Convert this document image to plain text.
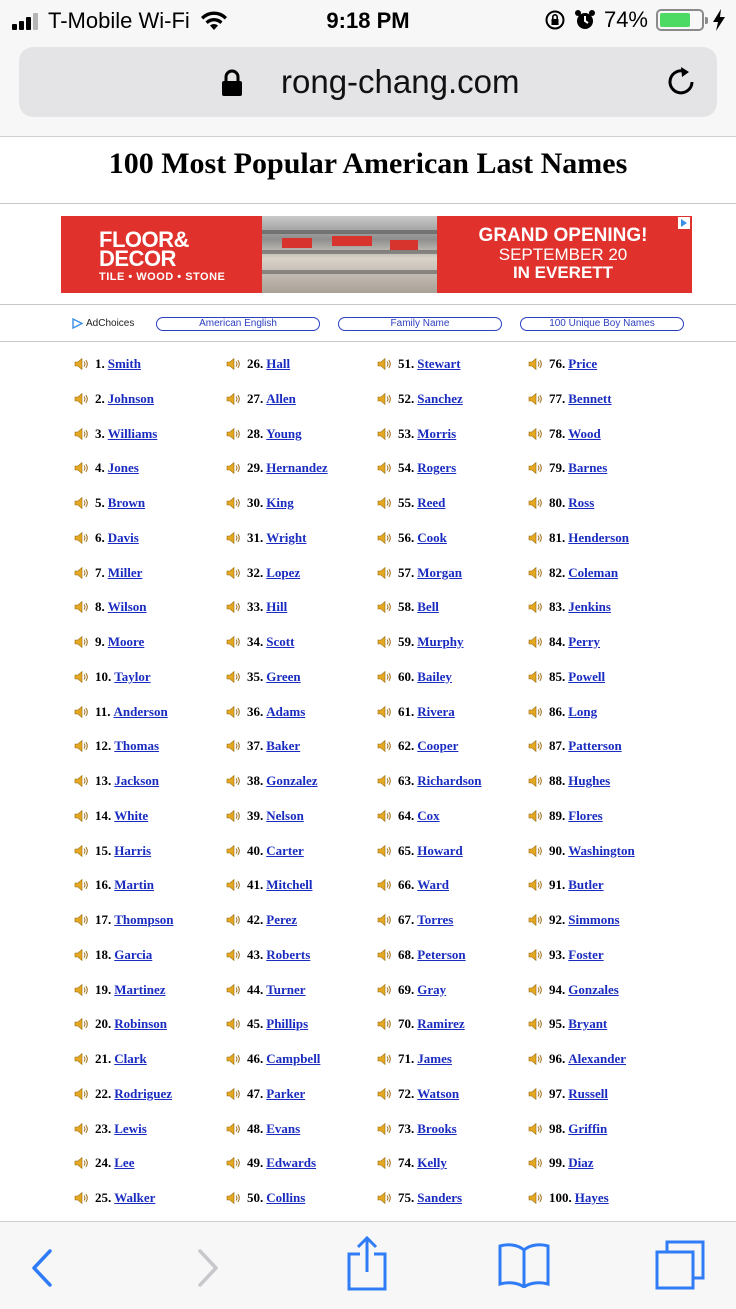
T-Mobile Wi-Fi	9:18 PM	74%
rong-chang.com
100 Most Popular American Last Names
FLOOR&
DECOR
TILE • WOOD • STONE
GRAND OPENING!
SEPTEMBER 20
IN EVERETT
AdChoices	American English	Family Name	100 Unique Boy Names
1. Smith
2. Johnson
3. Williams
4. Jones
5. Brown
6. Davis
7. Miller
8. Wilson
9. Moore
10. Taylor
11. Anderson
12. Thomas
13. Jackson
14. White
15. Harris
16. Martin
17. Thompson
18. Garcia
19. Martinez
20. Robinson
21. Clark
22. Rodriguez
23. Lewis
24. Lee
25. Walker
26. Hall
27. Allen
28. Young
29. Hernandez
30. King
31. Wright
32. Lopez
33. Hill
34. Scott
35. Green
36. Adams
37. Baker
38. Gonzalez
39. Nelson
40. Carter
41. Mitchell
42. Perez
43. Roberts
44. Turner
45. Phillips
46. Campbell
47. Parker
48. Evans
49. Edwards
50. Collins
51. Stewart
52. Sanchez
53. Morris
54. Rogers
55. Reed
56. Cook
57. Morgan
58. Bell
59. Murphy
60. Bailey
61. Rivera
62. Cooper
63. Richardson
64. Cox
65. Howard
66. Ward
67. Torres
68. Peterson
69. Gray
70. Ramirez
71. James
72. Watson
73. Brooks
74. Kelly
75. Sanders
76. Price
77. Bennett
78. Wood
79. Barnes
80. Ross
81. Henderson
82. Coleman
83. Jenkins
84. Perry
85. Powell
86. Long
87. Patterson
88. Hughes
89. Flores
90. Washington
91. Butler
92. Simmons
93. Foster
94. Gonzales
95. Bryant
96. Alexander
97. Russell
98. Griffin
99. Diaz
100. Hayes
